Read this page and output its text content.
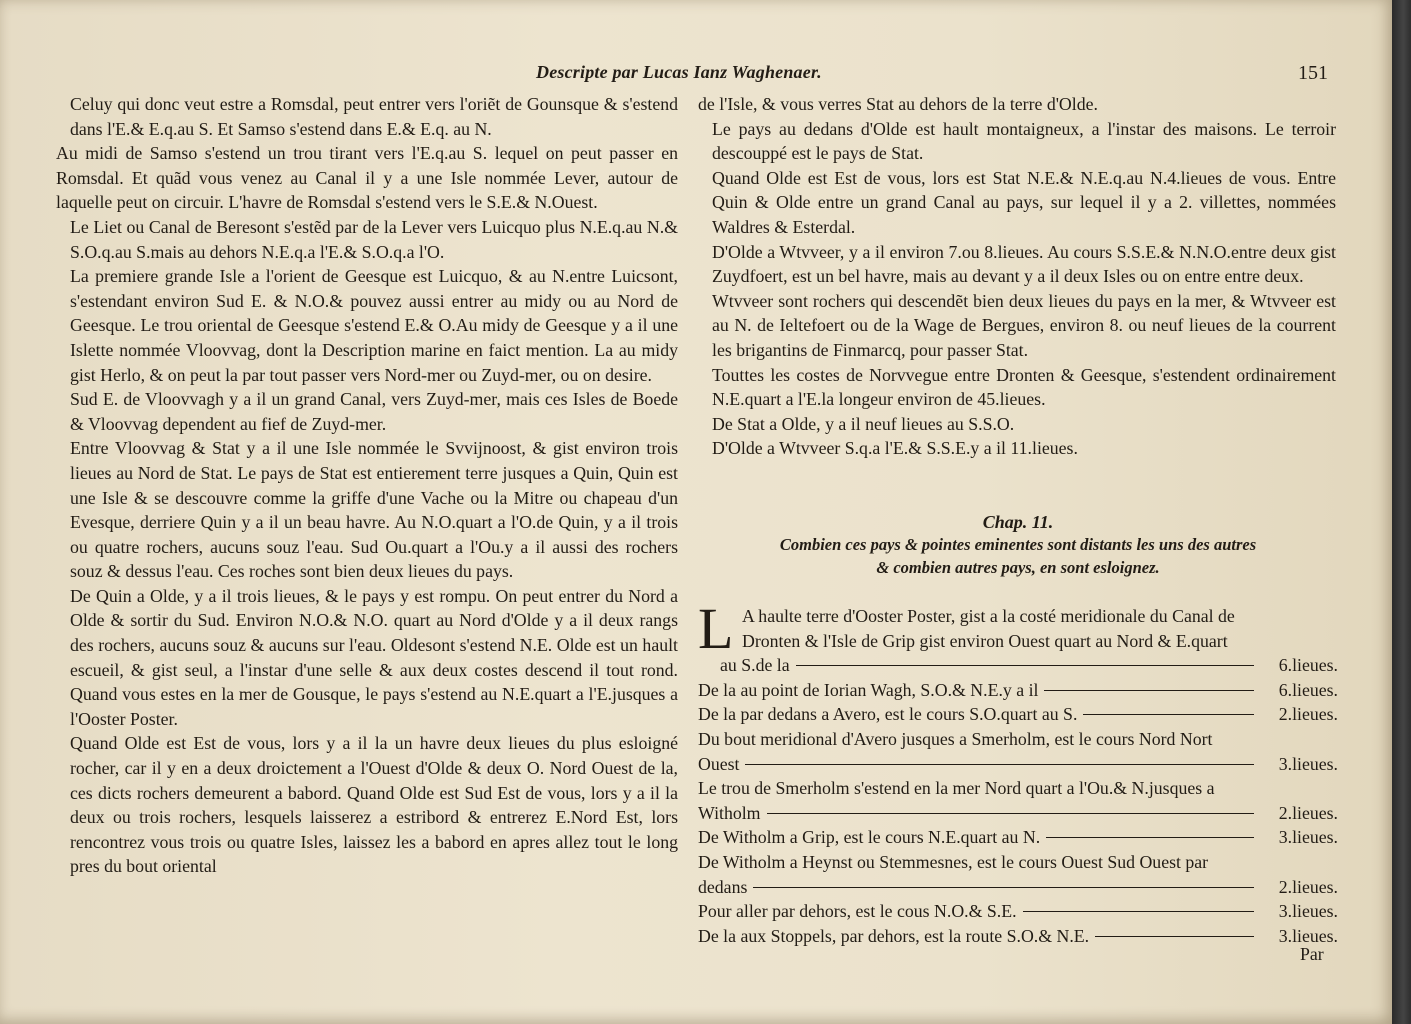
Descripte par Lucas Ianz Waghenaer.	151

Celuy qui donc veut estre a Romsdal, peut entrer vers l'oriẽt de Gounsque & s'estend dans l'E.& E.q.au S. Et Samso s'estend dans E.& E.q. au N.

Au midi de Samso s'estend un trou tirant vers l'E.q.au S. lequel on peut passer en Romsdal. Et quãd vous venez au Canal il y a une Isle nommée Lever, autour de laquelle peut on circuir. L'havre de Romsdal s'estend vers le S.E.& N.Ouest.

Le Liet ou Canal de Beresont s'estẽd par de la Lever vers Luicquo plus N.E.q.au N.& S.O.q.au S.mais au dehors N.E.q.a l'E.& S.O.q.a l'O.

La premiere grande Isle a l'orient de Geesque est Luicquo, & au N.entre Luicsont, s'estendant environ Sud E. & N.O.& pouvez aussi entrer au midy ou au Nord de Geesque. Le trou oriental de Geesque s'estend E.& O.Au midy de Geesque y a il une Islette nommée Vloovvag, dont la Description marine en faict mention. La au midy gist Herlo, & on peut la par tout passer vers Nord-mer ou Zuyd-mer, ou on desire.

Sud E. de Vloovvagh y a il un grand Canal, vers Zuyd-mer, mais ces Isles de Boede & Vloovvag dependent au fief de Zuyd-mer.

Entre Vloovvag & Stat y a il une Isle nommée le Svvijnoost, & gist environ trois lieues au Nord de Stat. Le pays de Stat est entierement terre jusques a Quin, Quin est une Isle & se descouvre comme la griffe d'une Vache ou la Mitre ou chapeau d'un Evesque, derriere Quin y a il un beau havre. Au N.O.quart a l'O.de Quin, y a il trois ou quatre rochers, aucuns souz l'eau. Sud Ou.quart a l'Ou.y a il aussi des rochers souz & dessus l'eau. Ces roches sont bien deux lieues du pays.

De Quin a Olde, y a il trois lieues, & le pays y est rompu. On peut entrer du Nord a Olde & sortir du Sud. Environ N.O.& N.O. quart au Nord d'Olde y a il deux rangs des rochers, aucuns souz & aucuns sur l'eau. Oldesont s'estend N.E. Olde est un hault escueil, & gist seul, a l'instar d'une selle & aux deux costes descend il tout rond. Quand vous estes en la mer de Gousque, le pays s'estend au N.E.quart a l'E.jusques a l'Ooster Poster.

Quand Olde est Est de vous, lors y a il la un havre deux lieues du plus esloigné rocher, car il y en a deux droictement a l'Ouest d'Olde & deux O. Nord Ouest de la, ces dicts rochers demeurent a babord. Quand Olde est Sud Est de vous, lors y a il la deux ou trois rochers, lesquels laisserez a estribord & entrerez E.Nord Est, lors rencontrez vous trois ou quatre Isles, laissez les a babord en apres allez tout le long pres du bout oriental

de l'Isle, & vous verres Stat au dehors de la terre d'Olde.

Le pays au dedans d'Olde est hault montaigneux, a l'instar des maisons. Le terroir descouppé est le pays de Stat.

Quand Olde est Est de vous, lors est Stat N.E.& N.E.q.au N.4.lieues de vous. Entre Quin & Olde entre un grand Canal au pays, sur lequel il y a 2. villettes, nommées Waldres & Esterdal.

D'Olde a Wtvveer, y a il environ 7.ou 8.lieues. Au cours S.S.E.& N.N.O.entre deux gist Zuydfoert, est un bel havre, mais au devant y a il deux Isles ou on entre entre deux.

Wtvveer sont rochers qui descendẽt bien deux lieues du pays en la mer, & Wtvveer est au N. de Ieltefoert ou de la Wage de Bergues, environ 8. ou neuf lieues de la courrent les brigantins de Finmarcq, pour passer Stat.

Touttes les costes de Norvvegue entre Dronten & Geesque, s'estendent ordinairement N.E.quart a l'E.la longeur environ de 45.lieues.

De Stat a Olde, y a il neuf lieues au S.S.O.

D'Olde a Wtvveer S.q.a l'E.& S.S.E.y a il 11.lieues.

Chap. 11.
Combien ces pays & pointes eminentes sont distants les uns des autres
& combien autres pays, en sont esloignez.
L A haulte terre d'Ooster Poster, gist a la costé meridionale du Canal de
Dronten & l'Isle de Grip gist environ Ouest quart au Nord & E.quart
au S.de la	6.lieues.
De la au point de Iorian Wagh, S.O.& N.E.y a il	6.lieues.
De la par dedans a Avero, est le cours S.O.quart au S.	2.lieues.
Du bout meridional d'Avero jusques a Smerholm, est le cours Nord Nort
Ouest	3.lieues.
Le trou de Smerholm s'estend en la mer Nord quart a l'Ou.& N.jusques a
Witholm	2.lieues.
De Witholm a Grip, est le cours N.E.quart au N.	3.lieues.
De Witholm a Heynst ou Stemmesnes, est le cours Ouest Sud Ouest par
dedans	2.lieues.
Pour aller par dehors, est le cous N.O.& S.E.	3.lieues.
De la aux Stoppels, par dehors, est la route S.O.& N.E.	3.lieues.
Par
